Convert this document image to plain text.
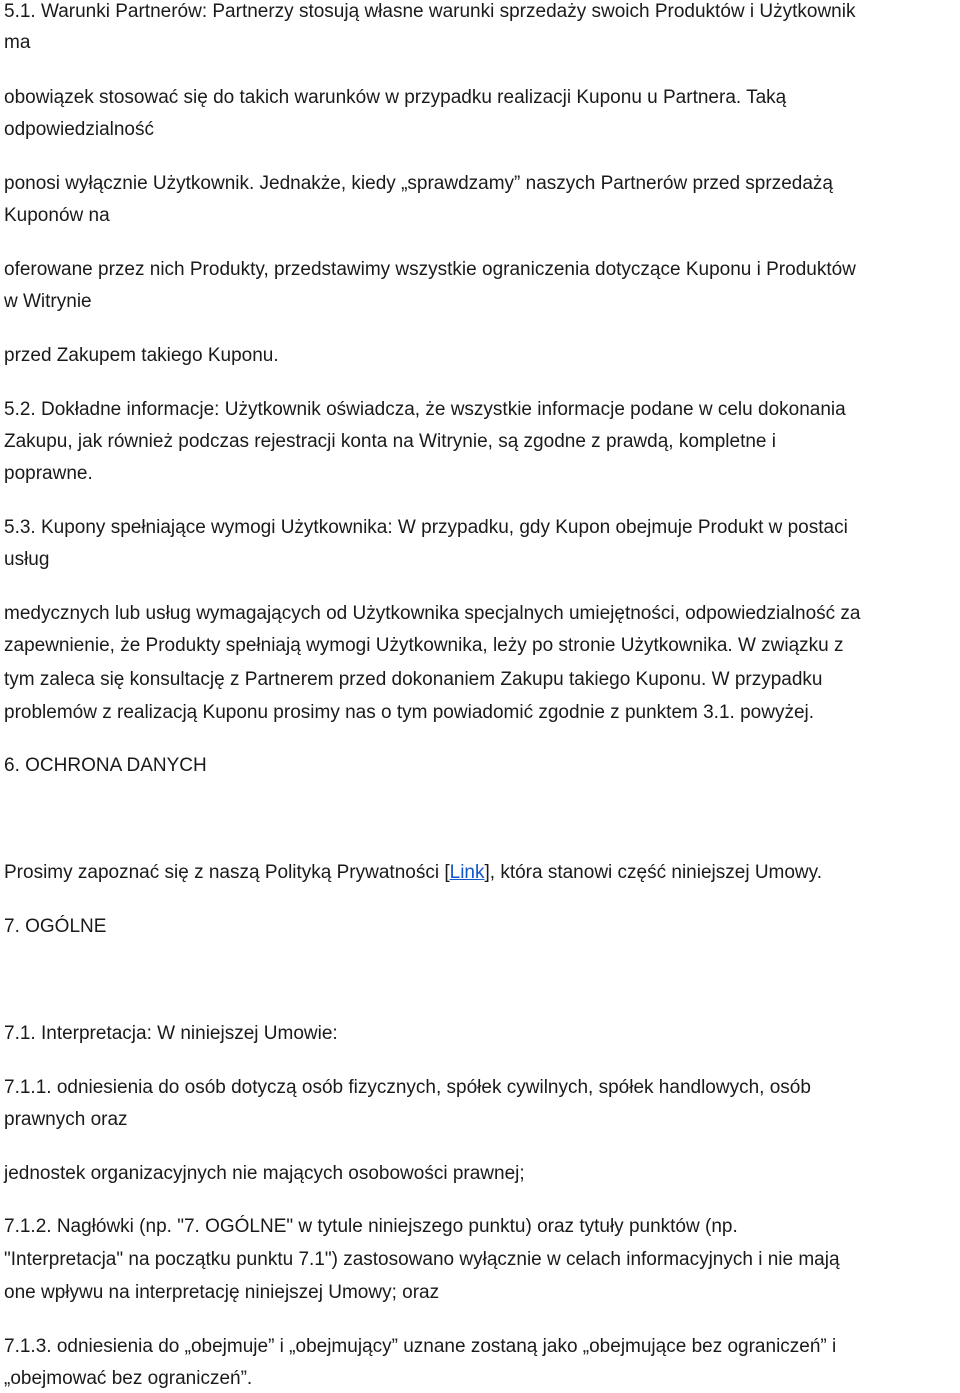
5.1. Warunki Partnerów: Partnerzy stosują własne warunki sprzedaży swoich Produktów i Użytkownik
ma
obowiązek stosować się do takich warunków w przypadku realizacji Kuponu u Partnera. Taką
odpowiedzialność
ponosi wyłącznie Użytkownik. Jednakże, kiedy „sprawdzamy” naszych Partnerów przed sprzedażą
Kuponów na
oferowane przez nich Produkty, przedstawimy wszystkie ograniczenia dotyczące Kuponu i Produktów
w Witrynie
przed Zakupem takiego Kuponu.
5.2. Dokładne informacje: Użytkownik oświadcza, że wszystkie informacje podane w celu dokonania
Zakupu, jak również podczas rejestracji konta na Witrynie, są zgodne z prawdą, kompletne i
poprawne.
5.3. Kupony spełniające wymogi Użytkownika: W przypadku, gdy Kupon obejmuje Produkt w postaci
usług
medycznych lub usług wymagających od Użytkownika specjalnych umiejętności, odpowiedzialność za
zapewnienie, że Produkty spełniają wymogi Użytkownika, leży po stronie Użytkownika. W związku z
tym zaleca się konsultację z Partnerem przed dokonaniem Zakupu takiego Kuponu. W przypadku
problemów z realizacją Kuponu prosimy nas o tym powiadomić zgodnie z punktem 3.1. powyżej.
6. OCHRONA DANYCH
Prosimy zapoznać się z naszą Polityką Prywatności [Link], która stanowi część niniejszej Umowy.
7. OGÓLNE
7.1. Interpretacja: W niniejszej Umowie:
7.1.1. odniesienia do osób dotyczą osób fizycznych, spółek cywilnych, spółek handlowych, osób
prawnych oraz
jednostek organizacyjnych nie mających osobowości prawnej;
7.1.2. Nagłówki (np. "7. OGÓLNE" w tytule niniejszego punktu) oraz tytuły punktów (np.
"Interpretacja" na początku punktu 7.1") zastosowano wyłącznie w celach informacyjnych i nie mają
one wpływu na interpretację niniejszej Umowy; oraz
7.1.3. odniesienia do „obejmuje” i „obejmujący” uznane zostaną jako „obejmujące bez ograniczeń” i
„obejmować bez ograniczeń”.
